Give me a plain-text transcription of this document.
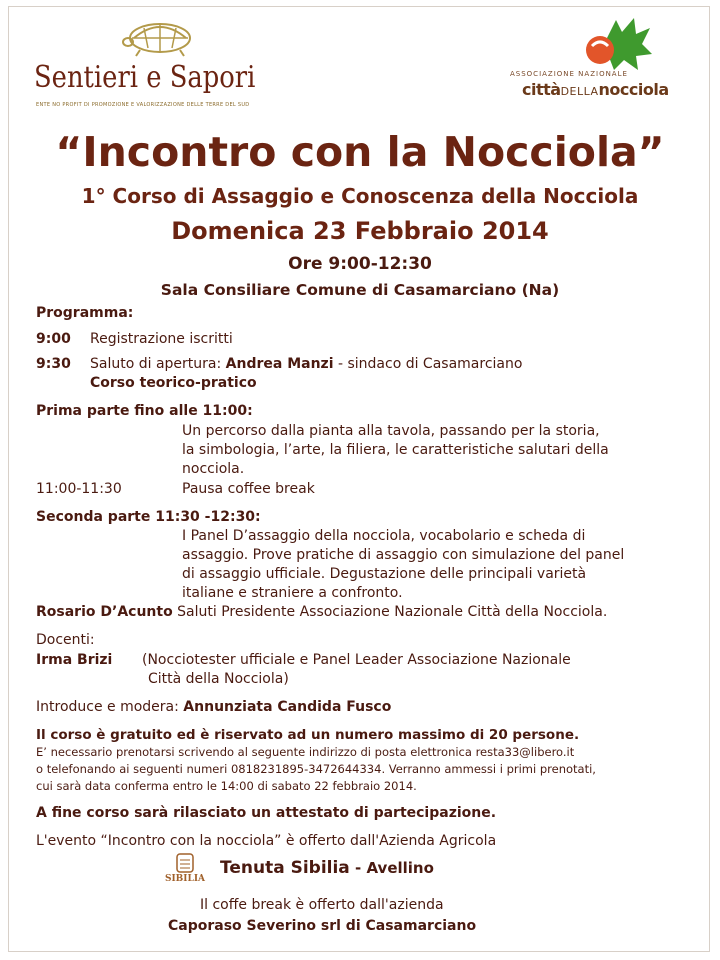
Sentieri e Sapori
ENTE NO PROFIT DI PROMOZIONE E VALORIZZAZIONE DELLE TERRE DEL SUD
ASSOCIAZIONE NAZIONALE
cittàDELLAnocciola
“Incontro con la Nocciola”
1° Corso di Assaggio e Conoscenza della Nocciola
Domenica 23 Febbraio 2014
Ore 9:00-12:30
Sala Consiliare Comune di Casamarciano (Na)
Programma:
9:00 Registrazione iscritti
9:30 Saluto di apertura: Andrea Manzi - sindaco di Casamarciano
Corso teorico-pratico
Prima parte fino alle 11:00:
Un percorso dalla pianta alla tavola, passando per la storia,
la simbologia, l’arte, la filiera, le caratteristiche salutari della
nocciola.
11:00-11:30	Pausa coffee break
Seconda parte 11:30 -12:30:
I Panel D’assaggio della nocciola, vocabolario e scheda di
assaggio. Prove pratiche di assaggio con simulazione del panel
di assaggio ufficiale. Degustazione delle principali varietà
italiane e straniere a confronto.
Rosario D’Acunto Saluti Presidente Associazione Nazionale Città della Nocciola.
Docenti:
Irma Brizi (Nocciotester ufficiale e Panel Leader Associazione Nazionale
Città della Nocciola)
Introduce e modera: Annunziata Candida Fusco
Il corso è gratuito ed è riservato ad un numero massimo di 20 persone.
E’ necessario prenotarsi scrivendo al seguente indirizzo di posta elettronica resta33@libero.it
o telefonando ai seguenti numeri 0818231895-3472644334. Verranno ammessi i primi prenotati,
cui sarà data conferma entro le 14:00 di sabato 22 febbraio 2014.
A fine corso sarà rilasciato un attestato di partecipazione.
L'evento “Incontro con la nocciola” è offerto dall'Azienda Agricola
SIBILIA
Tenuta Sibilia - Avellino
Il coffe break è offerto dall'azienda
Caporaso Severino srl di Casamarciano
